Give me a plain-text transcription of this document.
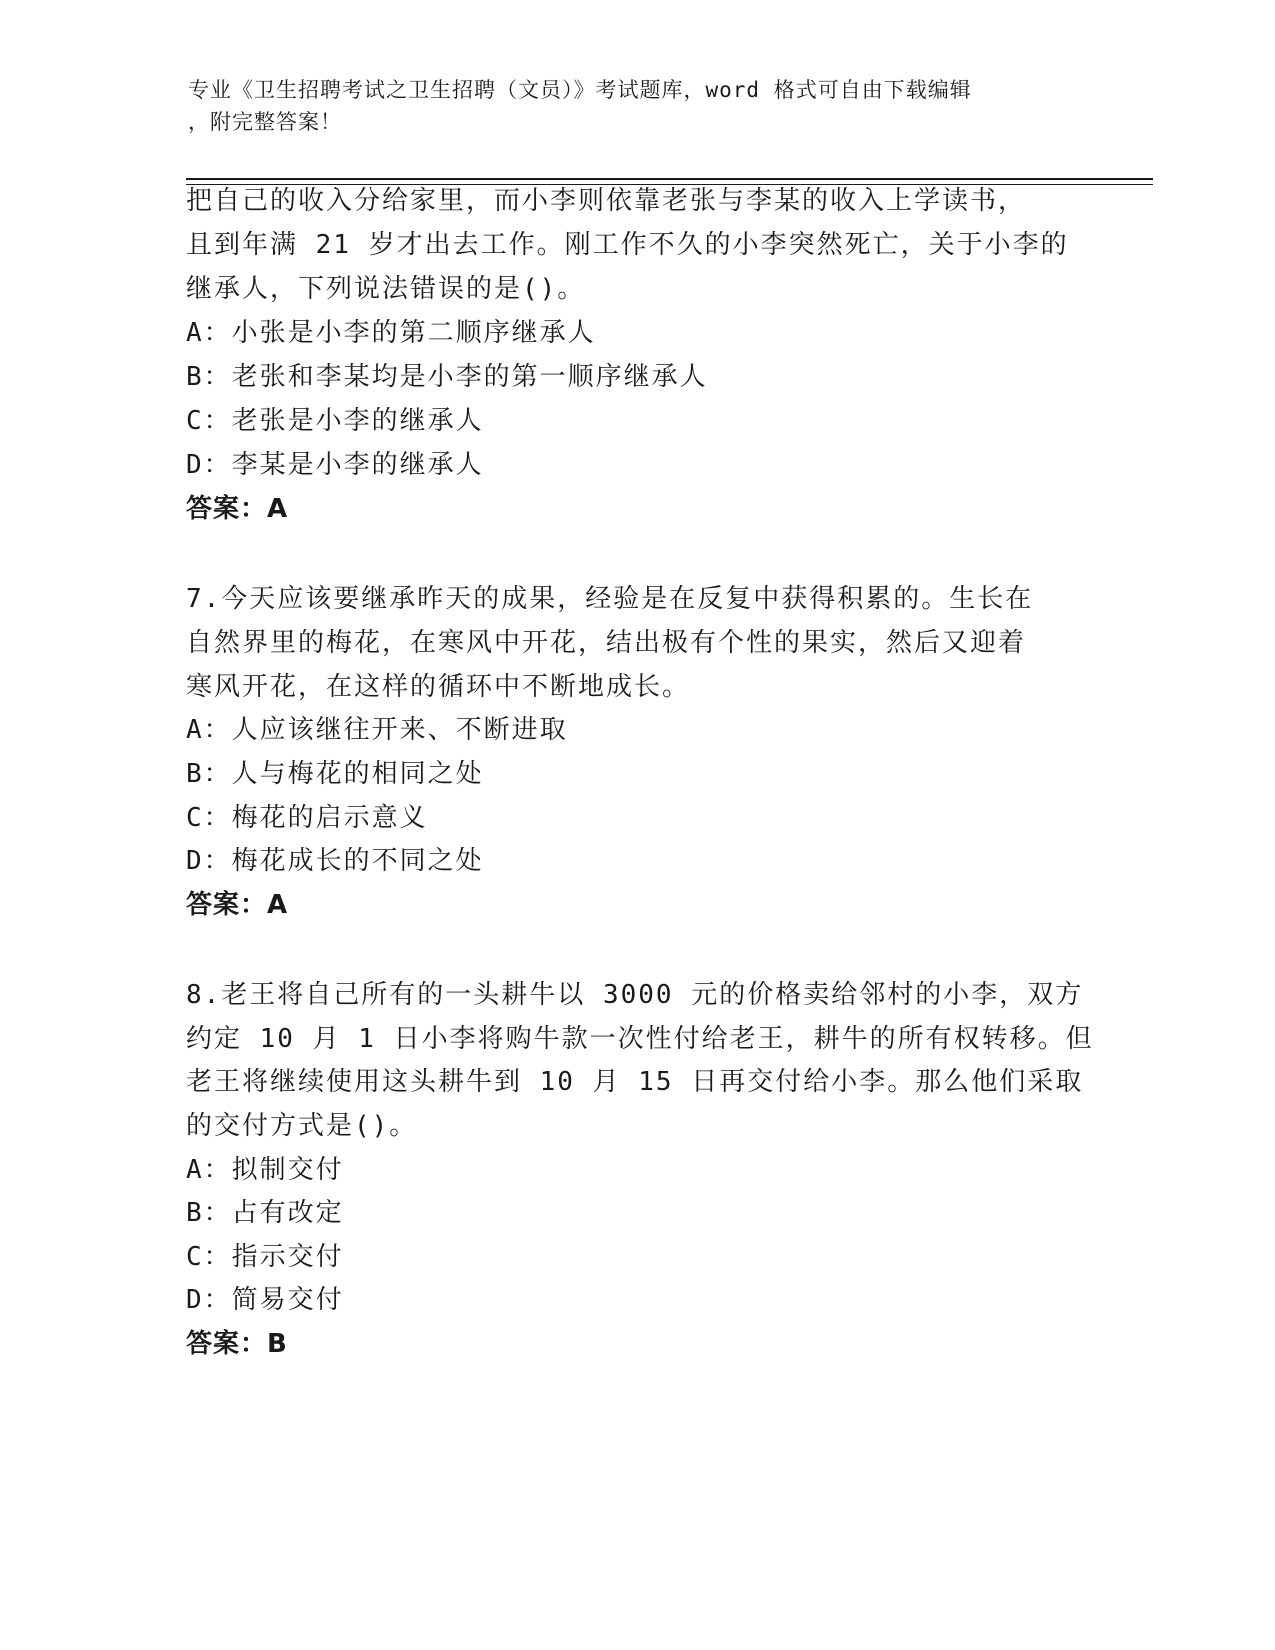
专业《卫生招聘考试之卫生招聘（文员）》考试题库，word 格式可自由下载编辑
，附完整答案！
把自己的收入分给家里，而小李则依靠老张与李某的收入上学读书，
且到年满 21 岁才出去工作。刚工作不久的小李突然死亡，关于小李的
继承人，下列说法错误的是()。
A：小张是小李的第二顺序继承人
B：老张和李某均是小李的第一顺序继承人
C：老张是小李的继承人
D：李某是小李的继承人
答案：A
7.今天应该要继承昨天的成果，经验是在反复中获得积累的。生长在
自然界里的梅花，在寒风中开花，结出极有个性的果实，然后又迎着
寒风开花，在这样的循环中不断地成长。
A：人应该继往开来、不断进取
B：人与梅花的相同之处
C：梅花的启示意义
D：梅花成长的不同之处
答案：A
8.老王将自己所有的一头耕牛以 3000 元的价格卖给邻村的小李，双方
约定 10 月 1 日小李将购牛款一次性付给老王，耕牛的所有权转移。但
老王将继续使用这头耕牛到 10 月 15 日再交付给小李。那么他们采取
的交付方式是()。
A：拟制交付
B：占有改定
C：指示交付
D：简易交付
答案：B
